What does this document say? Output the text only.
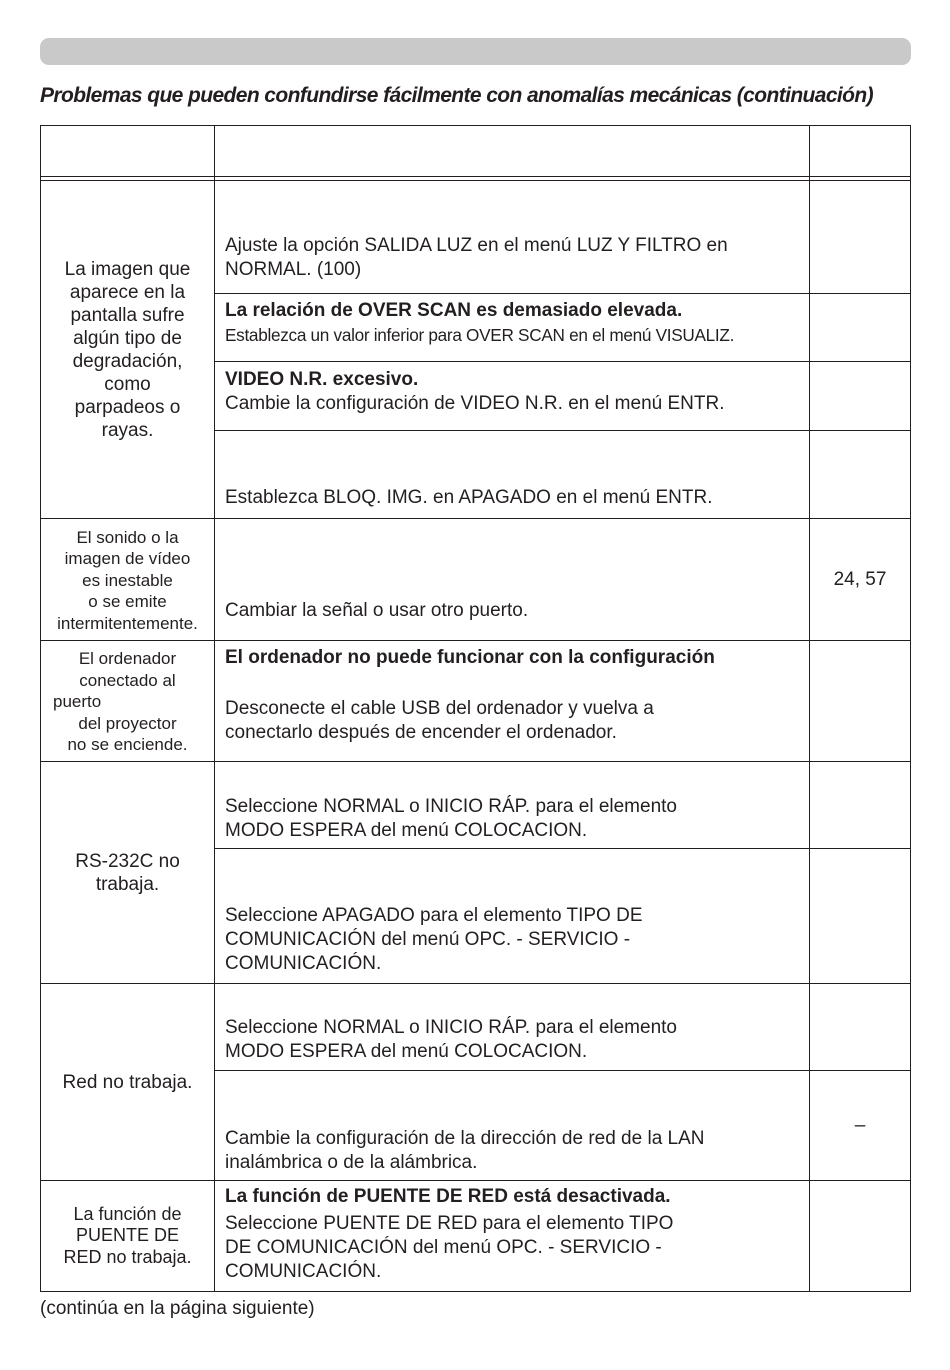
Problemas que pueden confundirse fácilmente con anomalías mecánicas (continuación)
La imagen que
aparece en la
pantalla sufre
algún tipo de
degradación,
como
parpadeos o
rayas.
Ajuste la opción SALIDA LUZ en el menú LUZ Y FILTRO en
NORMAL. (100)
La relación de OVER SCAN es demasiado elevada.
Establezca un valor inferior para OVER SCAN en el menú VISUALIZ.
VIDEO N.R. excesivo.
Cambie la configuración de VIDEO N.R. en el menú ENTR.
Establezca BLOQ. IMG. en APAGADO en el menú ENTR.
El sonido o la
imagen de vídeo
es inestable
o se emite
intermitentemente.
Cambiar la señal o usar otro puerto.
24, 57
El ordenador
conectado al
puerto
del proyector
no se enciende.
El ordenador no puede funcionar con la configuración
Desconecte el cable USB del ordenador y vuelva a
conectarlo después de encender el ordenador.
RS-232C no
trabaja.
Seleccione NORMAL o INICIO RÁP. para el elemento
MODO ESPERA del menú COLOCACION.
Seleccione APAGADO para el elemento TIPO DE
COMUNICACIÓN del menú OPC. - SERVICIO -
COMUNICACIÓN.
Red no trabaja.
Seleccione NORMAL o INICIO RÁP. para el elemento
MODO ESPERA del menú COLOCACION.
Cambie la configuración de la dirección de red de la LAN
inalámbrica o de la alámbrica.
–
La función de
PUENTE DE
RED no trabaja.
La función de PUENTE DE RED está desactivada.
Seleccione PUENTE DE RED para el elemento TIPO
DE COMUNICACIÓN del menú OPC. - SERVICIO -
COMUNICACIÓN.
(continúa en la página siguiente)
